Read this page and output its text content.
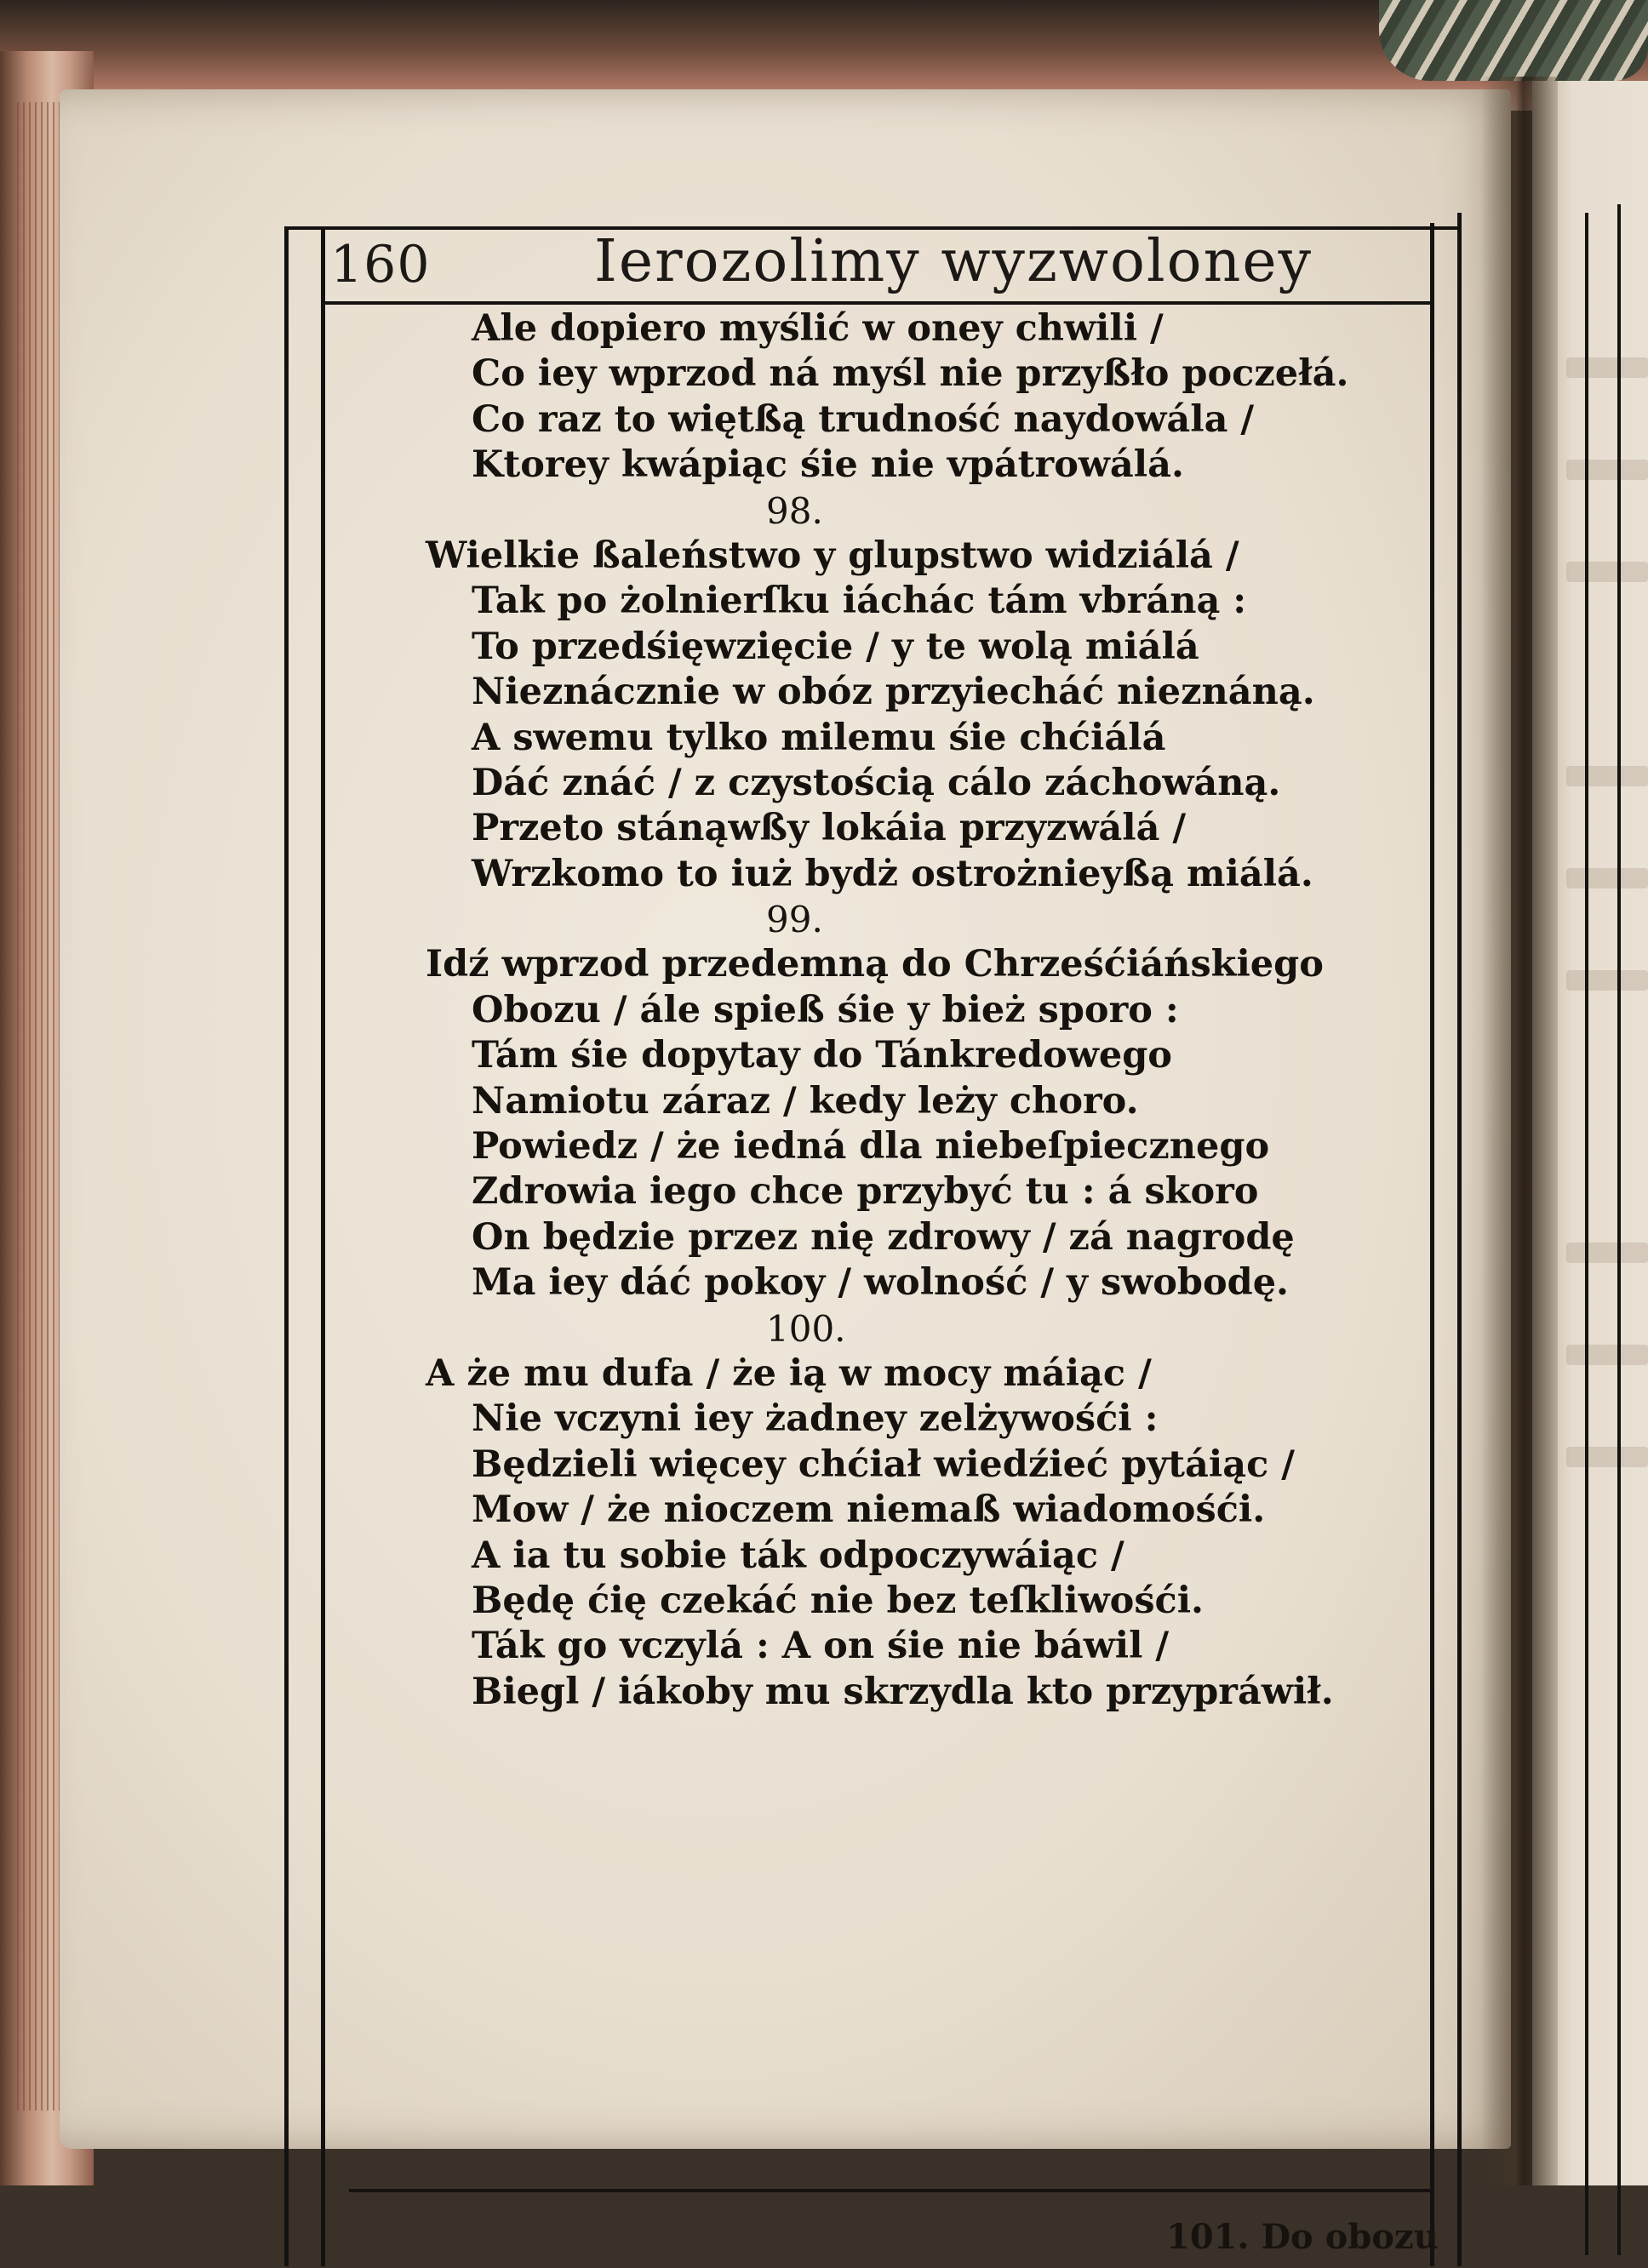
160	Ierozolimy wyzwoloney
Ale dopiero myślić w oney chwili /
Co iey wprzod ná myśl nie przyßło poczełá.
Co raz to więtßą trudność naydowála /
Ktorey kwápiąc śie nie vpátrowálá.
98.
Wielkie ßaleństwo y glupstwo widziálá /
Tak po żolnierſku iáchác tám vbráną :
To przedśięwzięcie / y te wolą miálá
Nieznácznie w obóz przyiecháć nieznáną.
A swemu tylko milemu śie chćiálá
Dáć znáć / z czystością cálo záchowáną.
Przeto stánąwßy lokáia przyzwálá /
Wrzkomo to iuż bydż ostrożnieyßą miálá.
99.
Idź wprzod przedemną do Chrześćiáńskiego
Obozu / ále spieß śie y bież sporo :
Tám śie dopytay do Tánkredowego
Namiotu záraz / kedy leży choro.
Powiedz / że iedná dla niebeſpiecznego
Zdrowia iego chce przybyć tu : á skoro
On będzie przez nię zdrowy / zá nagrodę
Ma iey dáć pokoy / wolność / y swobodę.
100.
A że mu dufa / że ią w mocy máiąc /
Nie vczyni iey żadney zelżywośći :
Będzieli więcey chćiał wiedźieć pytáiąc /
Mow / że nioczem niemaß wiadomośći.
A ia tu sobie ták odpoczywáiąc /
Będę ćię czekáć nie bez teſkliwośći.
Ták go vczylá : A on śie nie báwil /
Biegl / iákoby mu skrzydla kto przypráwił.
101. Do obozu
